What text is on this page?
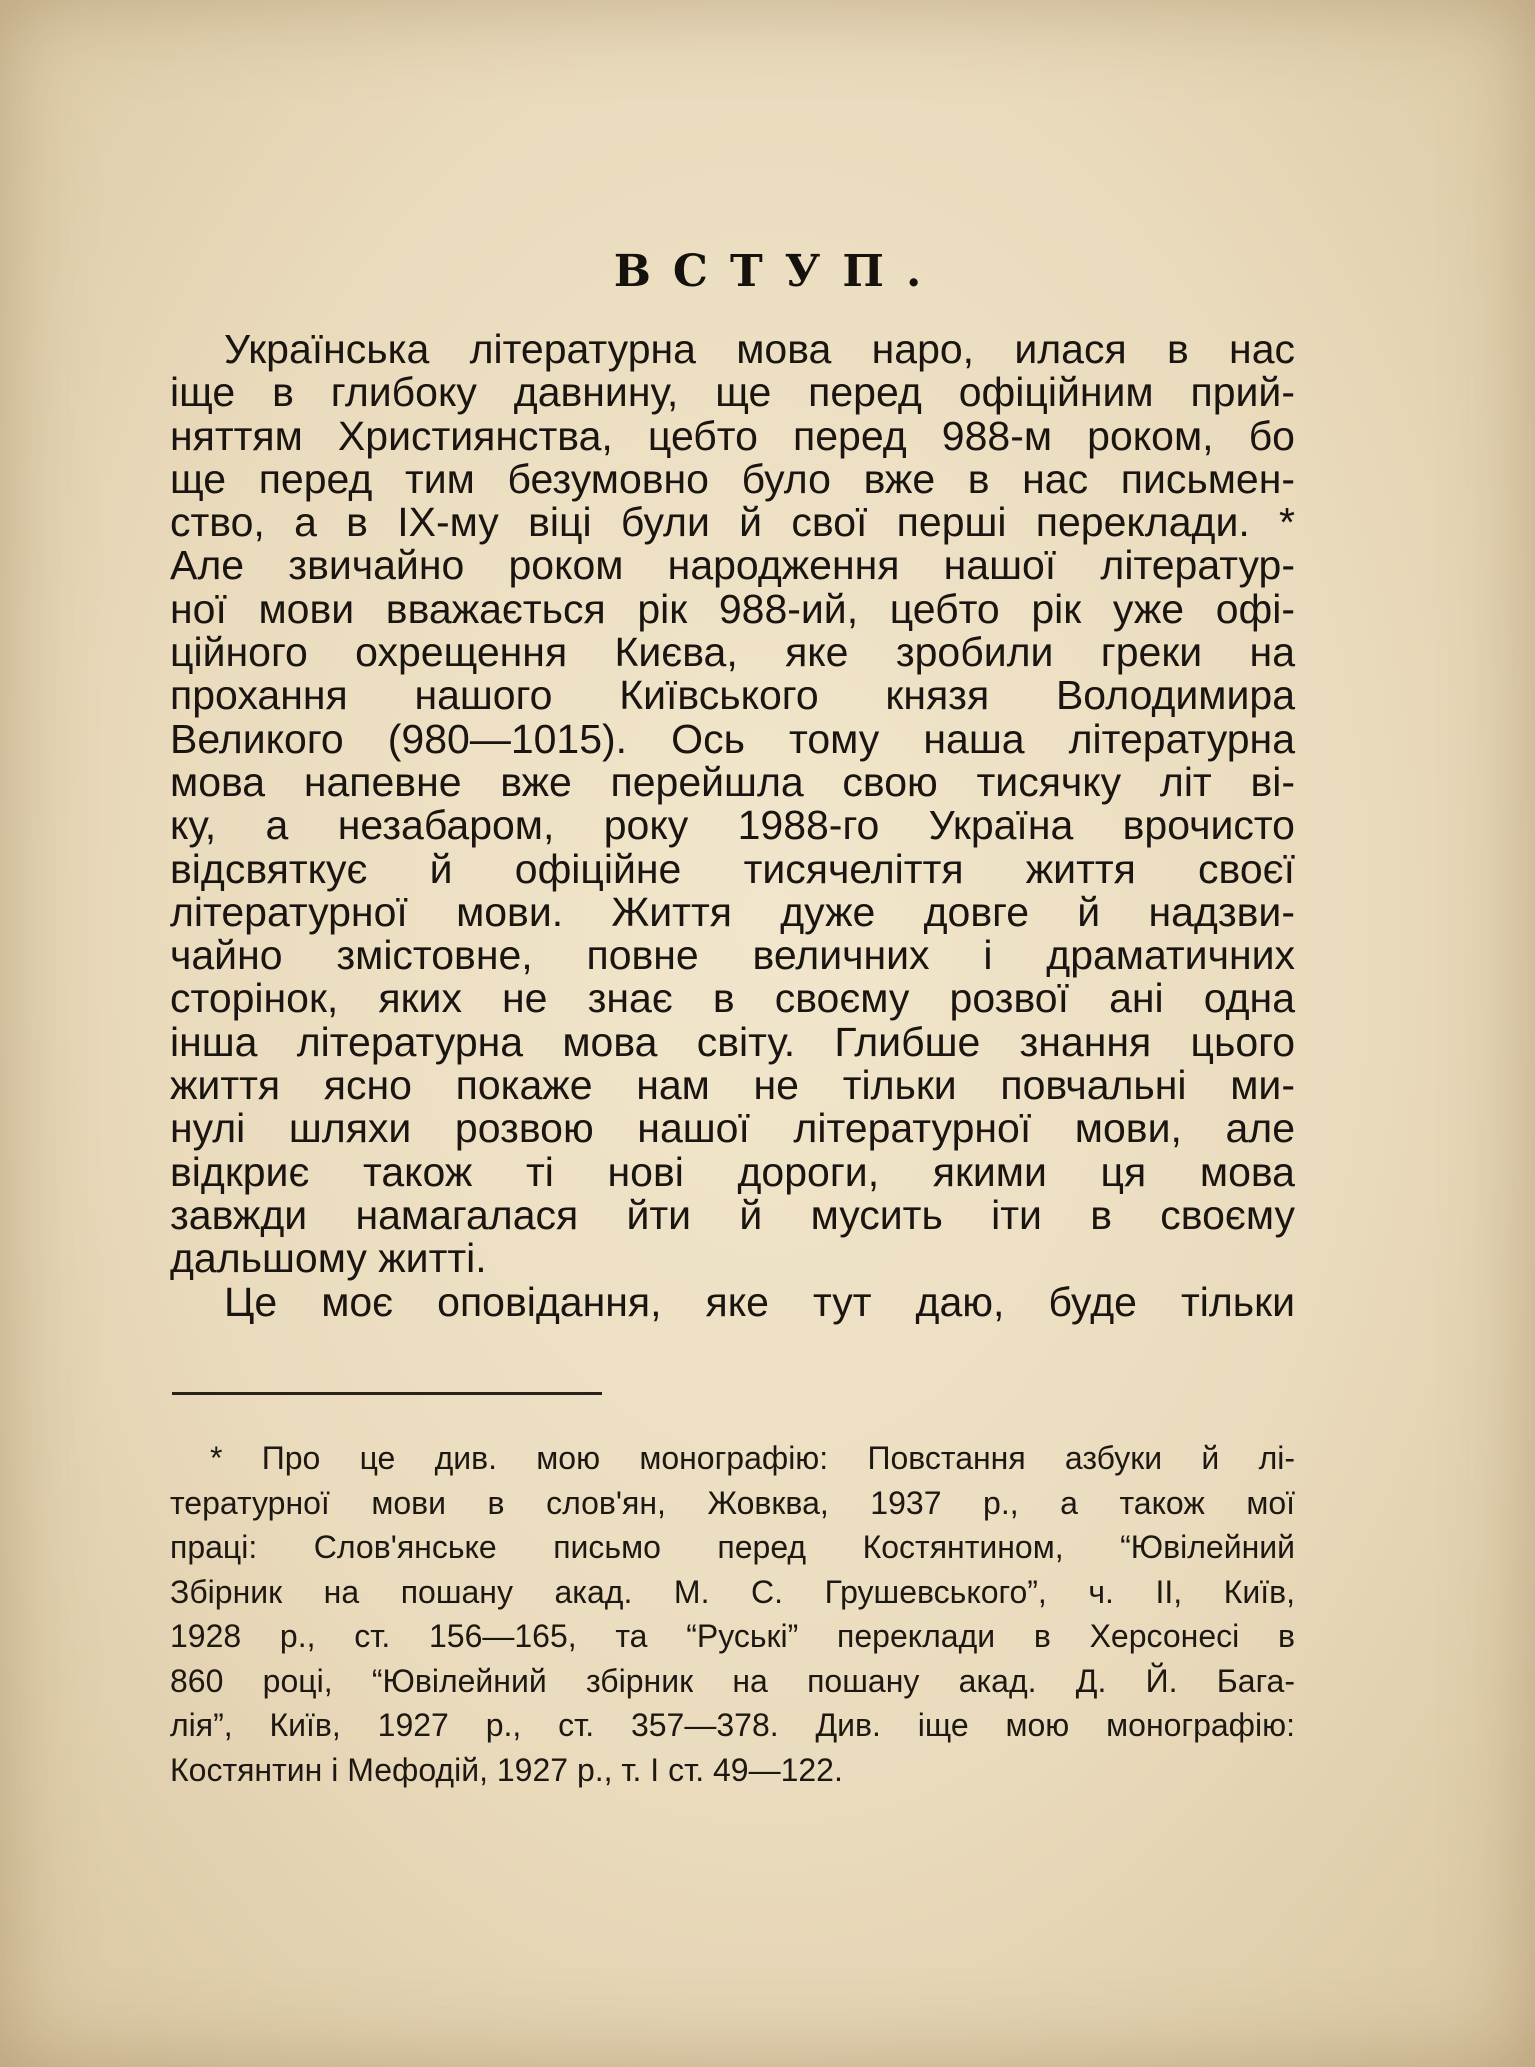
ВСТУП.
Українська літературна мова наро, илася в нас
іще в глибоку давнину, ще перед офіційним прий-
няттям Християнства, цебто перед 988-м роком, бо
ще перед тим безумовно було вже в нас письмен-
ство, а в ІХ-му віці були й свої перші переклади. *
Але звичайно роком народження нашої літератур-
ної мови вважається рік 988-ий, цебто рік уже офі-
ційного охрещення Києва, яке зробили греки на
прохання нашого Київського князя Володимира
Великого (980—1015). Ось тому наша літературна
мова напевне вже перейшла свою тисячку літ ві-
ку, а незабаром, року 1988-го Україна врочисто
відсвяткує й офіційне тисячеліття життя своєї
літературної мови. Життя дуже довге й надзви-
чайно змістовне, повне величних і драматичних
сторінок, яких не знає в своєму розвої ані одна
інша літературна мова світу. Глибше знання цього
життя ясно покаже нам не тільки повчальні ми-
нулі шляхи розвою нашої літературної мови, але
відкриє також ті нові дороги, якими ця мова
завжди намагалася йти й мусить іти в своєму
дальшому житті.
Це моє оповідання, яке тут даю, буде тільки
* Про це див. мою монографію: Повстання азбуки й лі-
тературної мови в слов'ян, Жовква, 1937 р., а також мої
праці: Слов'янське письмо перед Костянтином, “Ювілейний
Збірник на пошану акад. М. С. Грушевського”, ч. II, Київ,
1928 р., ст. 156—165, та “Руські” переклади в Херсонесі в
860 році, “Ювілейний збірник на пошану акад. Д. Й. Бага-
лія”, Київ, 1927 р., ст. 357—378. Див. іще мою монографію:
Костянтин і Мефодій, 1927 р., т. І ст. 49—122.
